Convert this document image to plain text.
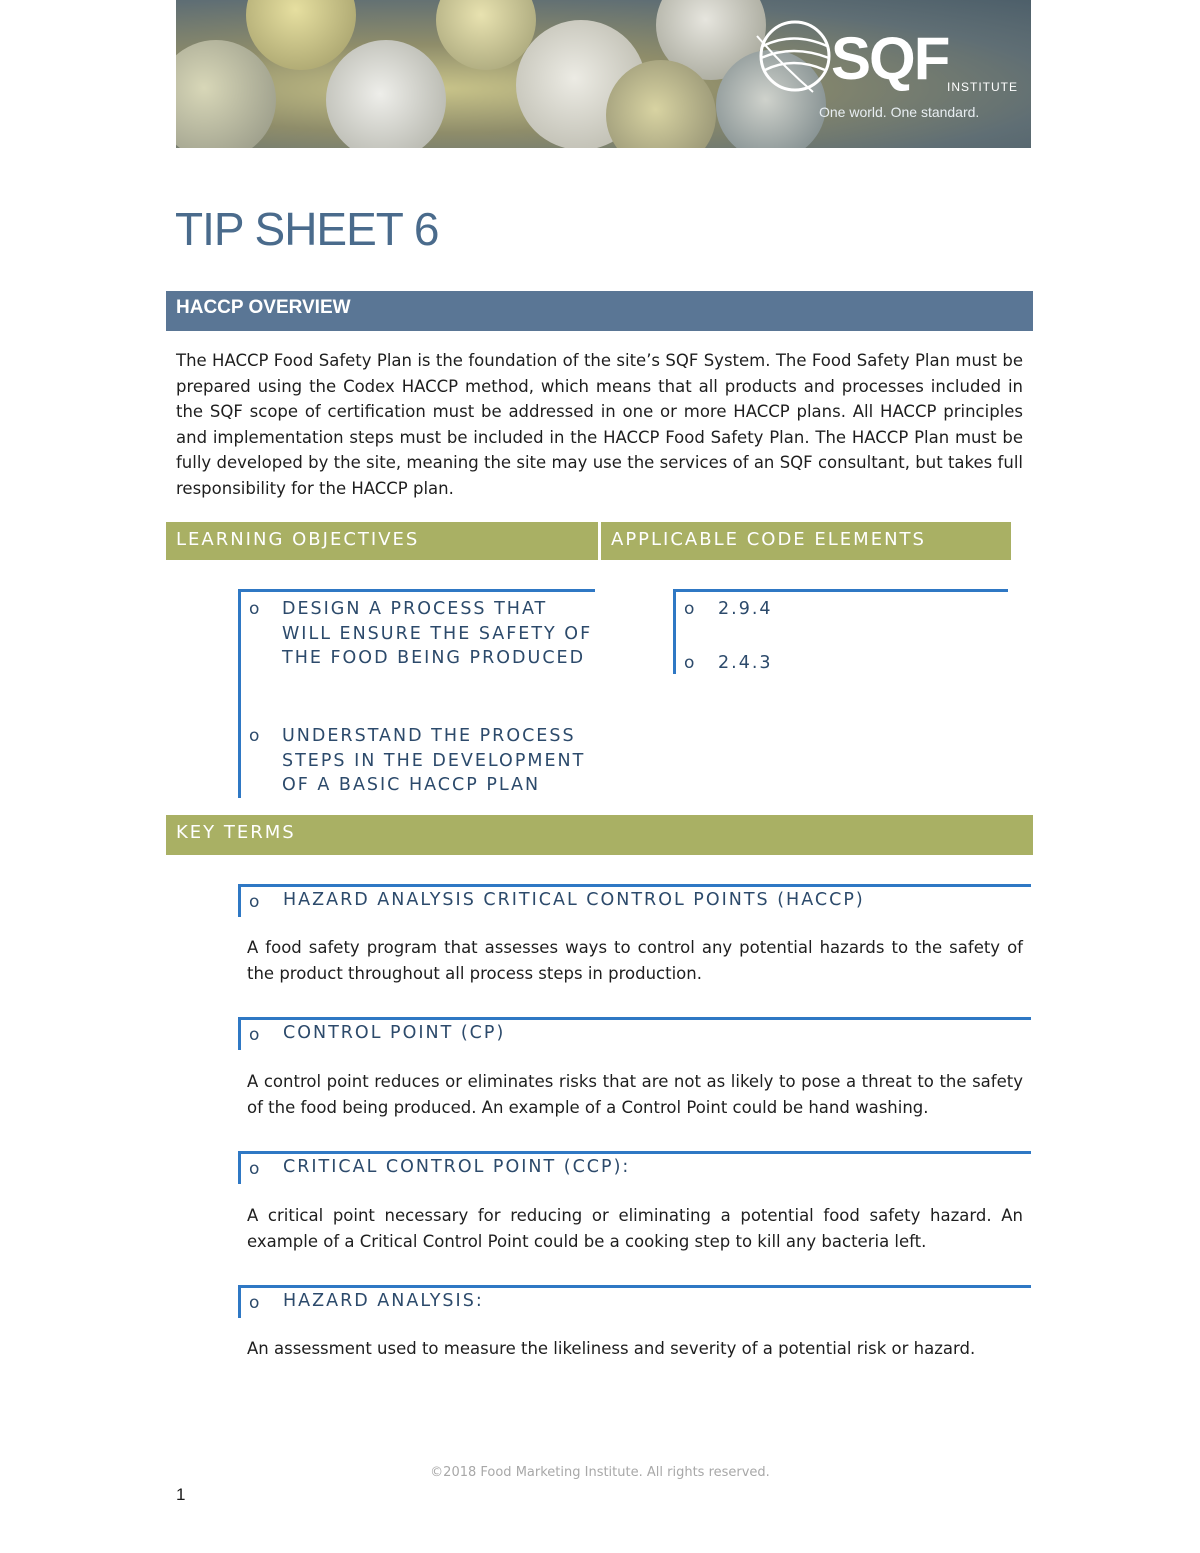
SQF
INSTITUTE
One world. One standard.
TIP SHEET 6
HACCP OVERVIEW

The HACCP Food Safety Plan is the foundation of the site’s SQF System. The Food Safety Plan must be prepared using the Codex HACCP method, which means that all products and processes included in the SQF scope of certification must be addressed in one or more HACCP plans. All HACCP principles and implementation steps must be included in the HACCP Food Safety Plan. The HACCP Plan must be fully developed by the site, meaning the site may use the services of an SQF consultant, but takes full responsibility for the HACCP plan.

LEARNING OBJECTIVES	APPLICABLE CODE ELEMENTS
o DESIGN A PROCESS THAT WILL ENSURE THE SAFETY OF THE FOOD BEING PRODUCED
o UNDERSTAND THE PROCESS STEPS IN THE DEVELOPMENT OF A BASIC HACCP PLAN
o 2.9.4
o 2.4.3
KEY TERMS
o HAZARD ANALYSIS CRITICAL CONTROL POINTS (HACCP)

A food safety program that assesses ways to control any potential hazards to the safety of the product throughout all process steps in production.

o CONTROL POINT (CP)

A control point reduces or eliminates risks that are not as likely to pose a threat to the safety of the food being produced. An example of a Control Point could be hand washing.

o CRITICAL CONTROL POINT (CCP):

A critical point necessary for reducing or eliminating a potential food safety hazard. An example of a Critical Control Point could be a cooking step to kill any bacteria left.

o HAZARD ANALYSIS:

An assessment used to measure the likeliness and severity of a potential risk or hazard.

©2018 Food Marketing Institute. All rights reserved.
1
